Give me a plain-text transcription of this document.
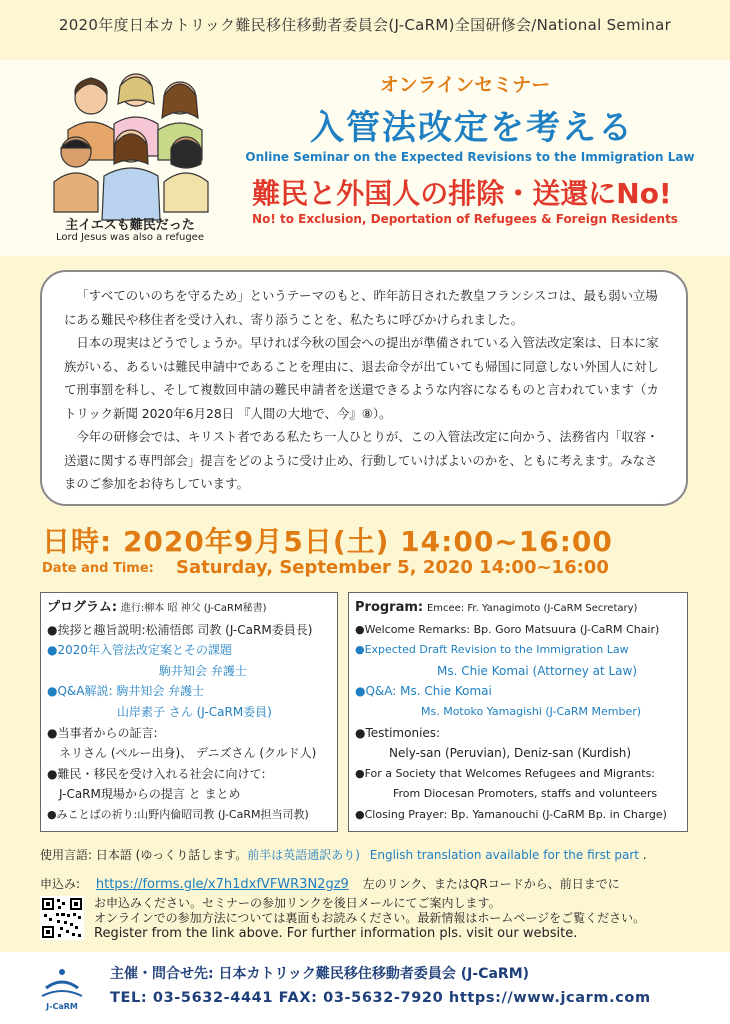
2020年度日本カトリック難民移住移動者委員会(J-CaRM)全国研修会/National Seminar
主イエスも難民だった
Lord Jesus was also a refugee
オンラインセミナー
入管法改定を考える
Online Seminar on the Expected Revisions to the Immigration Law
難民と外国人の排除・送還にNo!
No! to Exclusion, Deportation of Refugees & Foreign Residents

「すべてのいのちを守るため」というテーマのもと、昨年訪日された教皇フランシスコは、最も弱い立場にある難民や移住者を受け入れ、寄り添うことを、私たちに呼びかけられました。

日本の現実はどうでしょうか。早ければ今秋の国会への提出が準備されている入管法改定案は、日本に家族がいる、あるいは難民申請中であることを理由に、退去命令が出ていても帰国に同意しない外国人に対して刑事罰を科し、そして複数回申請の難民申請者を送還できるような内容になるものと言われています（カトリック新聞 2020年6月28日 『人間の大地で、今』⑧）。

今年の研修会では、キリスト者である私たち一人ひとりが、この入管法改定に向かう、法務省内「収容・送還に関する専門部会」提言をどのように受け止め、行動していけばよいのかを、ともに考えます。みなさまのご参加をお待ちしています。

日時: 2020年9月5日(土) 14:00~16:00
Date and Time: Saturday, September 5, 2020 14:00~16:00
プログラム: 進行:柳本 昭 神父 (J-CaRM秘書)
●挨拶と趣旨説明:松浦悟郎 司教 (J-CaRM委員長)
●2020年入管法改定案とその課題
駒井知会 弁護士
●Q&A解説: 駒井知会 弁護士
山岸素子 さん (J-CaRM委員)
●当事者からの証言:
ネリさん (ペルー出身)、 デニズさん (クルド人)
●難民・移民を受け入れる社会に向けて:
J-CaRM現場からの提言 と まとめ
●みことばの祈り:山野内倫昭司教 (J-CaRM担当司教)
Program: Emcee: Fr. Yanagimoto (J-CaRM Secretary)
●Welcome Remarks: Bp. Goro Matsuura (J-CaRM Chair)
●Expected Draft Revision to the Immigration Law
Ms. Chie Komai (Attorney at Law)
●Q&A: Ms. Chie Komai
Ms. Motoko Yamagishi (J-CaRM Member)
●Testimonies:
Nely-san (Peruvian), Deniz-san (Kurdish)
●For a Society that Welcomes Refugees and Migrants:
From Diocesan Promoters, staffs and volunteers
●Closing Prayer: Bp. Yamanouchi (J-CaRM Bp. in Charge)
使用言語: 日本語 (ゆっくり話します。前半は英語通訳あり) English translation available for the first part .
申込み: https://forms.gle/x7h1dxfVFWR3N2gz9 左のリンク、またはQRコードから、前日までに
お申込みください。セミナーの参加リンクを後日メールにてご案内します。
オンラインでの参加方法については裏面もお読みください。最新情報はホームページをご覧ください。
Register from the link above. For further information pls. visit our website.
J-CaRM
主催・問合せ先: 日本カトリック難民移住移動者委員会 (J-CaRM)
TEL: 03-5632-4441 FAX: 03-5632-7920 https://www.jcarm.com
